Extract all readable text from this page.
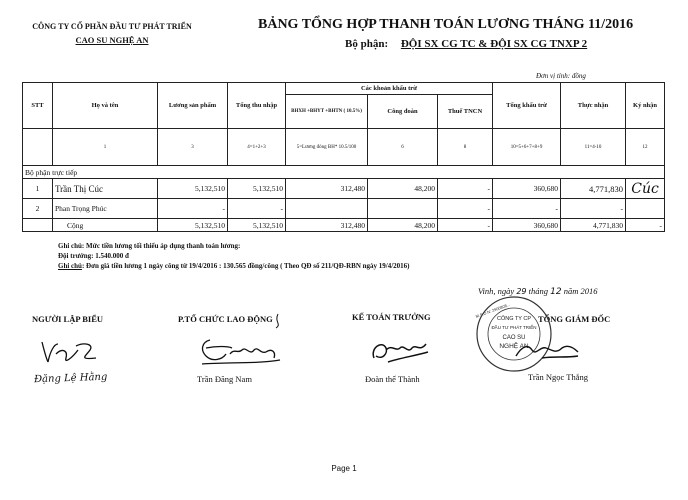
CÔNG TY CỔ PHẦN ĐẦU TƯ PHÁT TRIỂN
CAO SU NGHỆ AN
BẢNG TỔNG HỢP THANH TOÁN LƯƠNG THÁNG 11/2016
Bộ phận: ĐỘI SX CG TC & ĐỘI SX CG TNXP 2
Đơn vị tính: đồng
STT	Họ và tên	Lương sản phẩm	Tổng thu nhập	Các khoản khấu trừ			Tổng khấu trừ	Thực nhận	Ký nhận
				BHXH +BHYT +BHTN ( 10.5%)	Công đoàn	Thuế TNCN			
	1	3	4=1+2+3	5=Lương đóng BH* 10.5/100	6	8	10=5+6+7+8+9	11=4-10	12
Bộ phận trực tiếp									
1	Trần Thị Cúc	5,132,510	5,132,510	312,480	48,200	-	360,680	4,771,830	Cúc
2	Phan Trọng Phúc	-	-			-	-	-	
	Cộng	5,132,510	5,132,510	312,480	48,200	-	360,680	4,771,830	-
Ghi chú: Mức tiền lương tối thiểu áp dụng thanh toán lương:
Đội trưởng: 1.540.000 đ
Ghi chú: Đơn giá tiền lương 1 ngày công từ 19/4/2016 : 130.565 đồng/công ( Theo QĐ số 211/QĐ-RBN ngày 19/4/2016)
Vinh, ngày 29 tháng 12 năm 2016
NGƯỜI LẬP BIỂU	P.TỔ CHỨC LAO ĐỘNG	KẾ TOÁN TRƯỞNG	TỔNG GIÁM ĐỐC
CÔNG TY CP
ĐẦU TƯ PHÁT TRIỂN
CAO SU
NGHỆ AN
M.S.D.N: 2900808...
Đặng Lệ Hằng	Trần Đăng Nam	Đoàn thế Thành	Trần Ngọc Thắng
Page 1
